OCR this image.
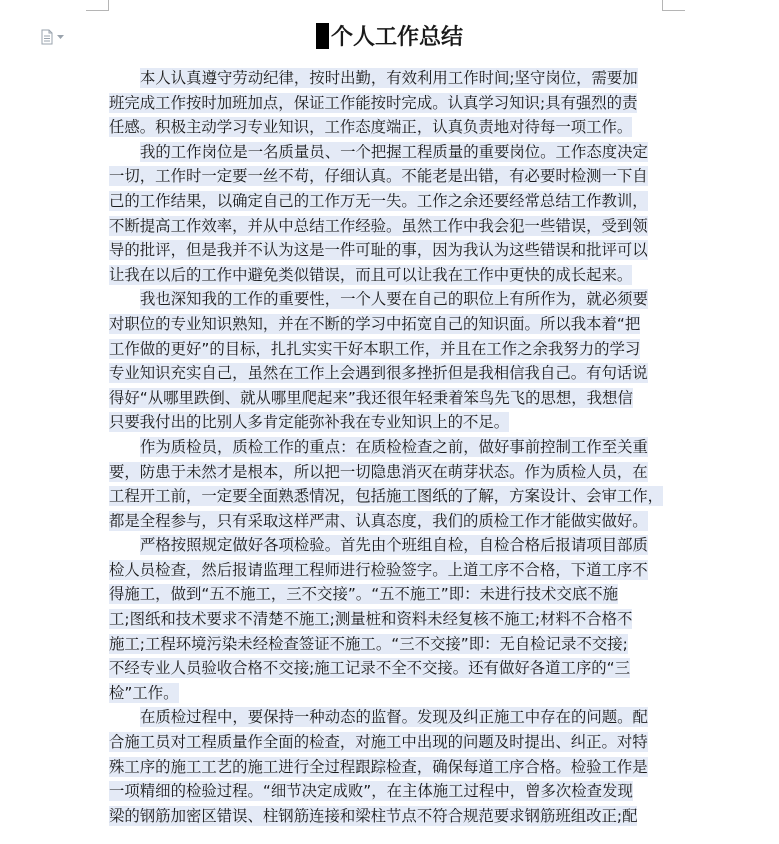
个人工作总结
本人认真遵守劳动纪律，按时出勤，有效利用工作时间;坚守岗位，需要加
班完成工作按时加班加点，保证工作能按时完成。认真学习知识;具有强烈的责
任感。积极主动学习专业知识，工作态度端正，认真负责地对待每一项工作。
我的工作岗位是一名质量员、一个把握工程质量的重要岗位。工作态度决定
一切，工作时一定要一丝不苟，仔细认真。不能老是出错，有必要时检测一下自
己的工作结果，以确定自己的工作万无一失。工作之余还要经常总结工作教训，
不断提高工作效率，并从中总结工作经验。虽然工作中我会犯一些错误，受到领
导的批评，但是我并不认为这是一件可耻的事，因为我认为这些错误和批评可以
让我在以后的工作中避免类似错误，而且可以让我在工作中更快的成长起来。
我也深知我的工作的重要性，一个人要在自己的职位上有所作为，就必须要
对职位的专业知识熟知，并在不断的学习中拓宽自己的知识面。所以我本着“把
工作做的更好”的目标，扎扎实实干好本职工作，并且在工作之余我努力的学习
专业知识充实自己，虽然在工作上会遇到很多挫折但是我相信我自己。有句话说
得好“从哪里跌倒、就从哪里爬起来”我还很年轻秉着笨鸟先飞的思想，我想信
只要我付出的比别人多肯定能弥补我在专业知识上的不足。
作为质检员，质检工作的重点：在质检检查之前，做好事前控制工作至关重
要，防患于未然才是根本，所以把一切隐患消灭在萌芽状态。作为质检人员，在
工程开工前，一定要全面熟悉情况，包括施工图纸的了解，方案设计、会审工作，
都是全程参与，只有采取这样严肃、认真态度，我们的质检工作才能做实做好。
严格按照规定做好各项检验。首先由个班组自检，自检合格后报请项目部质
检人员检查，然后报请监理工程师进行检验签字。上道工序不合格，下道工序不
得施工，做到“五不施工，三不交接”。“五不施工”即：未进行技术交底不施
工;图纸和技术要求不清楚不施工;测量桩和资料未经复核不施工;材料不合格不
施工;工程环境污染未经检查签证不施工。“三不交接”即：无自检记录不交接;
不经专业人员验收合格不交接;施工记录不全不交接。还有做好各道工序的“三
检”工作。
在质检过程中，要保持一种动态的监督。发现及纠正施工中存在的问题。配
合施工员对工程质量作全面的检查，对施工中出现的问题及时提出、纠正。对特
殊工序的施工工艺的施工进行全过程跟踪检查，确保每道工序合格。检验工作是
一项精细的检验过程。“细节决定成败”，在主体施工过程中，曾多次检查发现
梁的钢筋加密区错误、柱钢筋连接和梁柱节点不符合规范要求钢筋班组改正;配
